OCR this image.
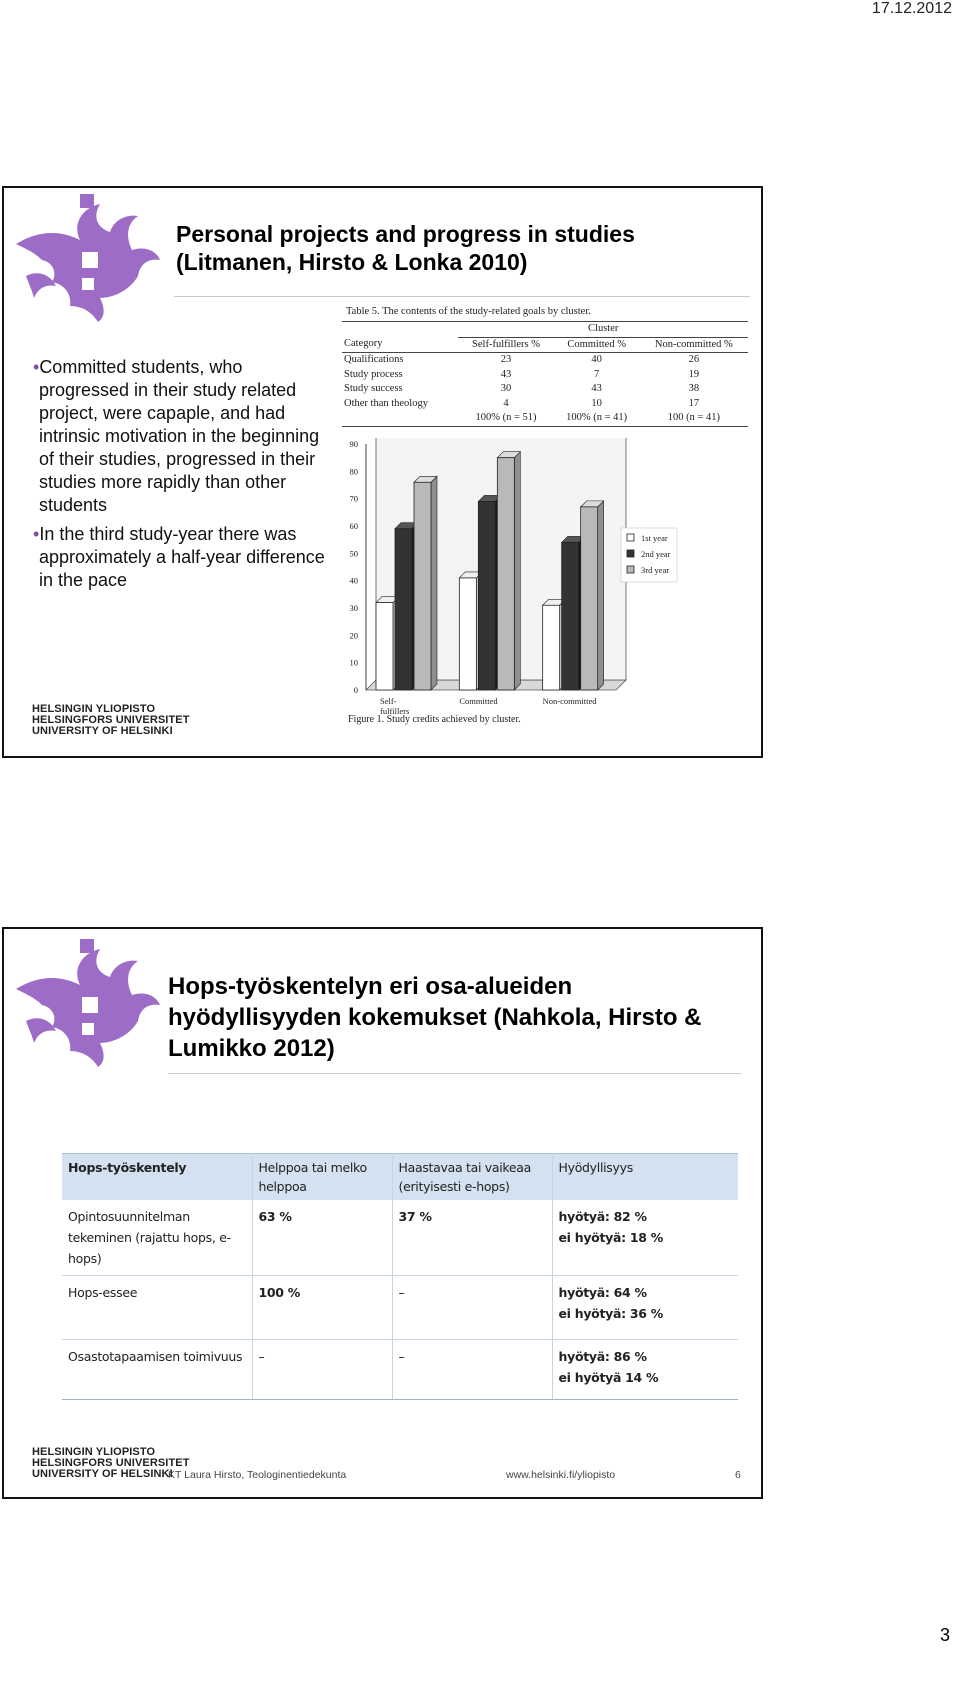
17.12.2012
Personal projects and progress in studies
(Litmanen, Hirsto & Lonka 2010)

•Committed students, who progressed in their study related project, were capaple, and had intrinsic motivation in the beginning of their studies, progressed in their studies more rapidly than other students

•In the third study-year there was approximately a half-year difference in the pace

Table 5. The contents of the study-related goals by cluster.
	Cluster		
Category	Self-fulfillers %	Committed %	Non-committed %
Qualifications	23	40	26
Study process	43	7	19
Study success	30	43	38
Other than theology	4	10	17
	100% (n = 51)	100% (n = 41)	100 (n = 41)
0
10
20
30
40
50
60
70
80
90
Self-
fulfillers
Committed	Non-committed
1st year
2nd year
3rd year
Figure 1. Study credits achieved by cluster.
HELSINGIN YLIOPISTO
HELSINGFORS UNIVERSITET
UNIVERSITY OF HELSINKI
Hops-työskentelyn eri osa-alueiden hyödyllisyyden kokemukset (Nahkola, Hirsto & Lumikko 2012)
Hops-työskentely	Helppoa tai melko helppoa	Haastavaa tai vaikeaa (erityisesti e-hops)	Hyödyllisyys
Opintosuunnitelman tekeminen (rajattu hops, e-hops)	63 %	37 %	hyötyä: 82 %
ei hyötyä: 18 %

Hops-essee	100 %	–	hyötyä: 64 %
ei hyötyä: 36 %

Osastotapaamisen toimivuus	–	–	hyötyä: 86 %
ei hyötyä 14 %
HELSINGIN YLIOPISTO
HELSINGFORS UNIVERSITET
UNIVERSITY OF HELSINKI
KT Laura Hirsto, Teologinentiedekunta	www.helsinki.fi/yliopisto	6
3
